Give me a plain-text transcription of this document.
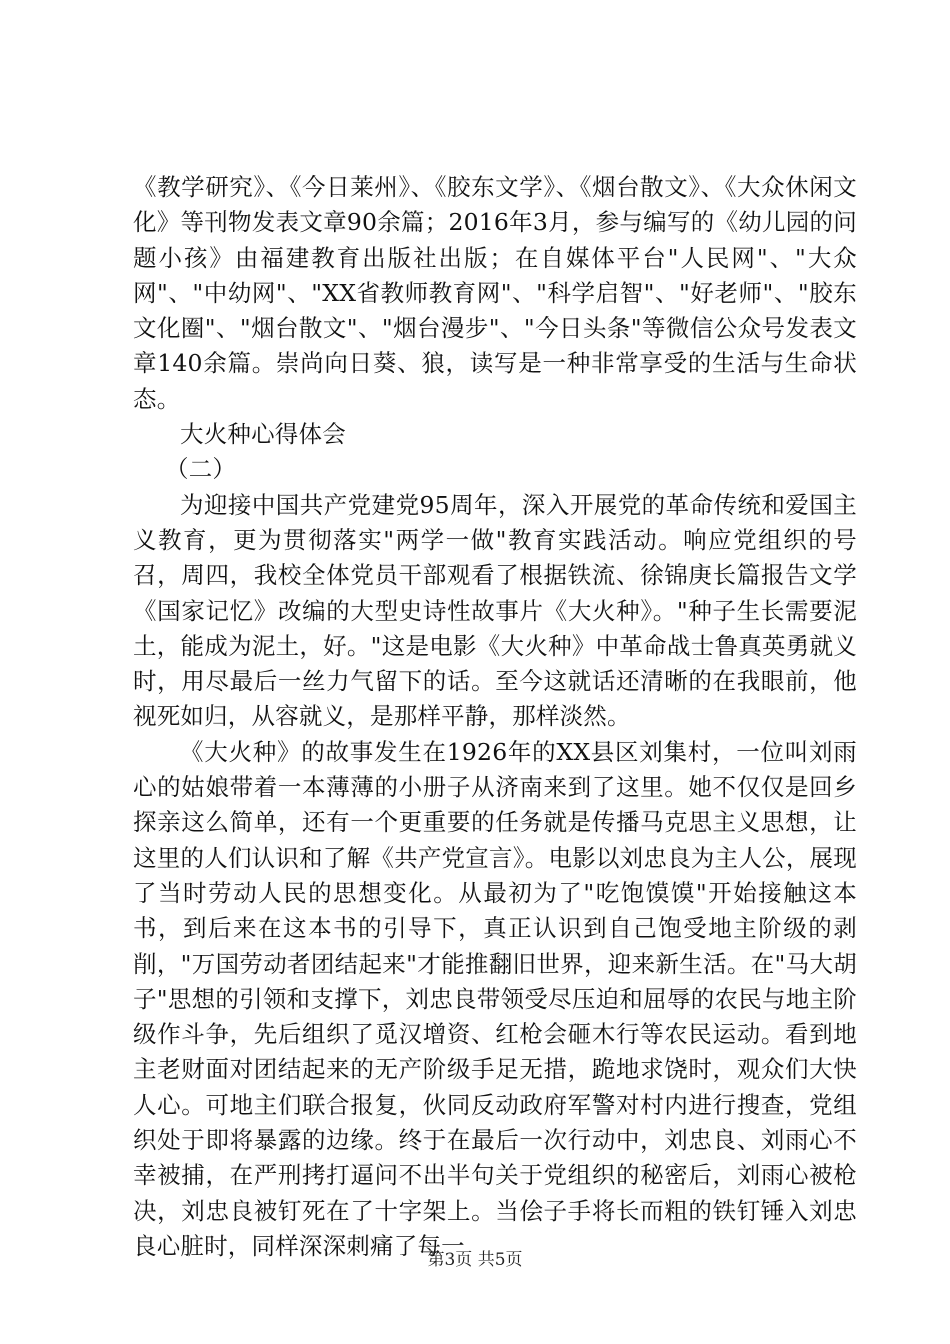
《教学研究》、《今日莱州》、《胶东文学》、《烟台散文》、《大众休闲文化》等刊物发表文章90余篇；2016年3月，参与编写的《幼儿园的问题小孩》由福建教育出版社出版；在自媒体平台"人民网"、"大众网"、"中幼网"、"XX省教师教育网"、"科学启智"、"好老师"、"胶东文化圈"、"烟台散文"、"烟台漫步"、"今日头条"等微信公众号发表文章140余篇。崇尚向日葵、狼，读写是一种非常享受的生活与生命状态。

大火种心得体会

（二）

为迎接中国共产党建党95周年，深入开展党的革命传统和爱国主义教育，更为贯彻落实"两学一做"教育实践活动。响应党组织的号召，周四，我校全体党员干部观看了根据铁流、徐锦庚长篇报告文学《国家记忆》改编的大型史诗性故事片《大火种》。"种子生长需要泥土，能成为泥土，好。"这是电影《大火种》中革命战士鲁真英勇就义时，用尽最后一丝力气留下的话。至今这就话还清晰的在我眼前，他视死如归，从容就义，是那样平静，那样淡然。

《大火种》的故事发生在1926年的XX县区刘集村，一位叫刘雨心的姑娘带着一本薄薄的小册子从济南来到了这里。她不仅仅是回乡探亲这么简单，还有一个更重要的任务就是传播马克思主义思想，让这里的人们认识和了解《共产党宣言》。电影以刘忠良为主人公，展现了当时劳动人民的思想变化。从最初为了"吃饱馍馍"开始接触这本书，到后来在这本书的引导下，真正认识到自己饱受地主阶级的剥削，"万国劳动者团结起来"才能推翻旧世界，迎来新生活。在"马大胡子"思想的引领和支撑下，刘忠良带领受尽压迫和屈辱的农民与地主阶级作斗争，先后组织了觅汉增资、红枪会砸木行等农民运动。看到地主老财面对团结起来的无产阶级手足无措，跪地求饶时，观众们大快人心。可地主们联合报复，伙同反动政府军警对村内进行搜查，党组织处于即将暴露的边缘。终于在最后一次行动中，刘忠良、刘雨心不幸被捕，在严刑拷打逼问不出半句关于党组织的秘密后，刘雨心被枪决，刘忠良被钉死在了十字架上。当侩子手将长而粗的铁钉锤入刘忠良心脏时，同样深深刺痛了每一

第3页 共5页
